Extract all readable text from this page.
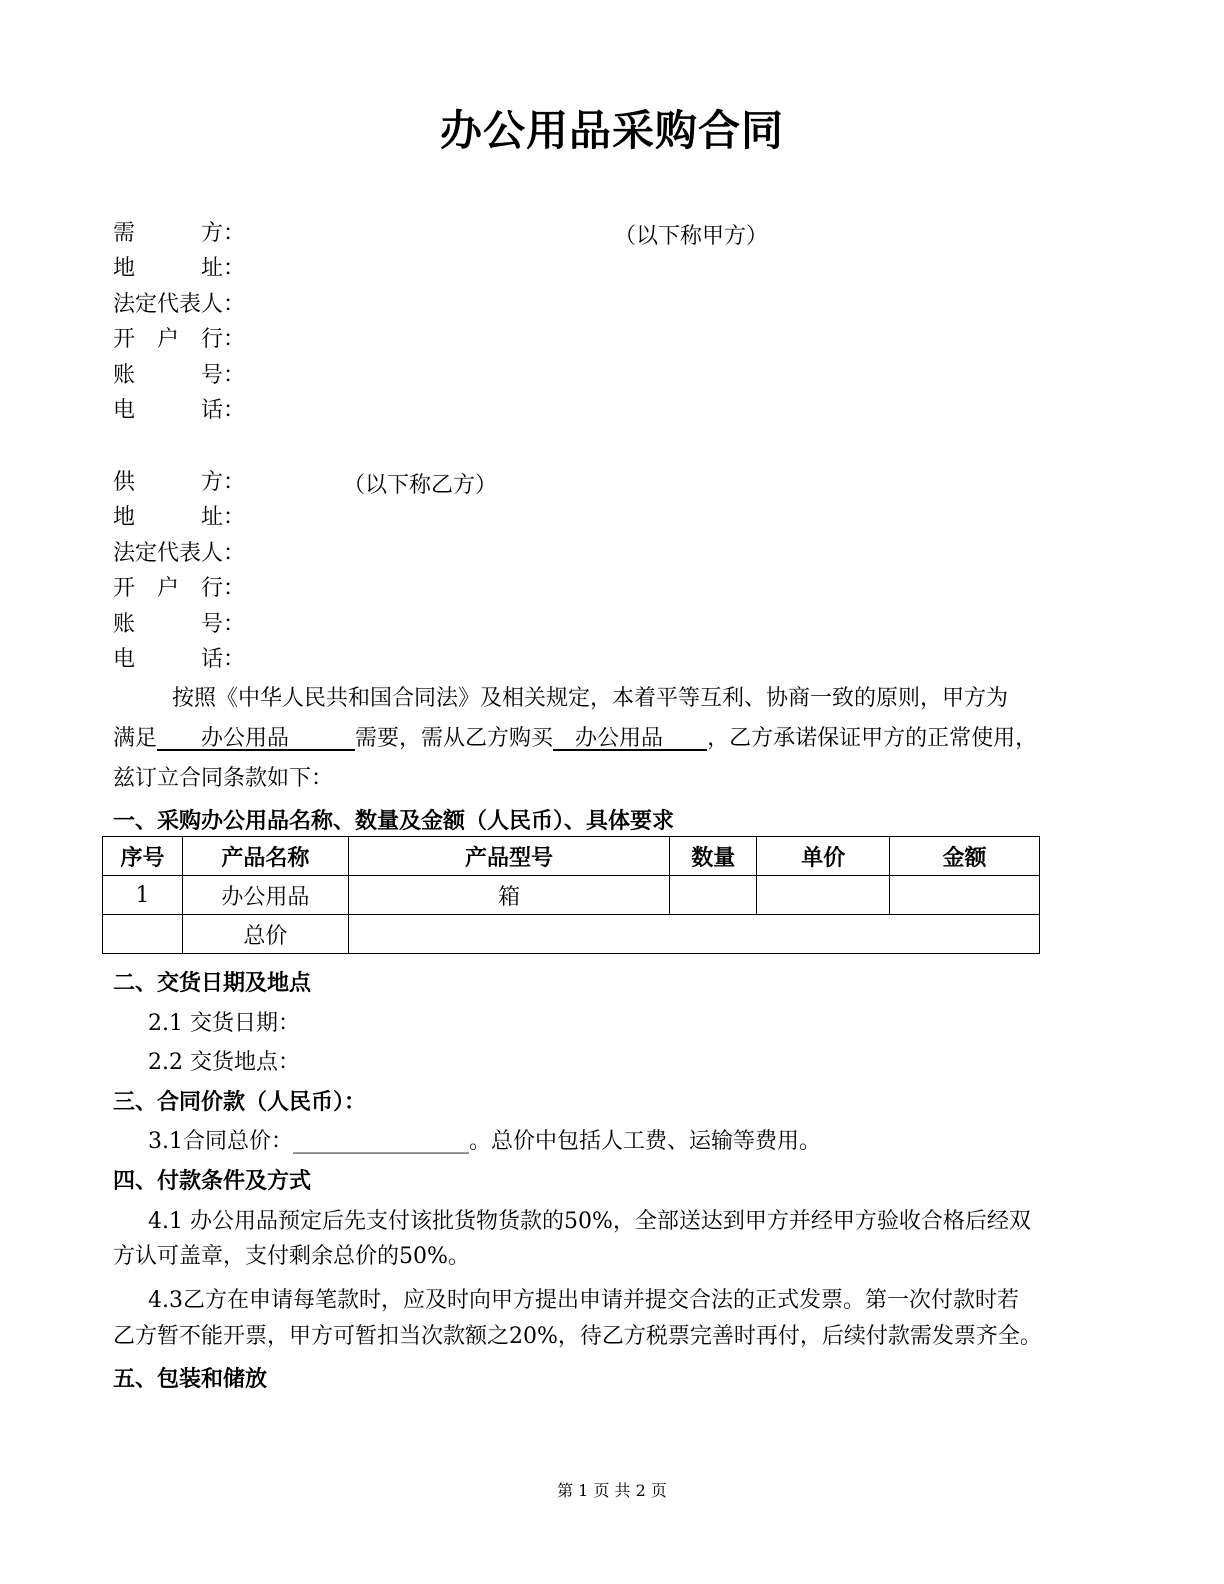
办公用品采购合同
需　　　方：	（以下称甲方）
地　　　址：
法定代表人：
开　户　行：
账　　　号：
电　　　话：
供　　　方：	（以下称乙方）
地　　　址：
法定代表人：
开　户　行：
账　　　号：
电　　　话：
按照《中华人民共和国合同法》及相关规定，本着平等互利、协商一致的原则，甲方为
满足　　办公用品　　　需要，需从乙方购买　办公用品　　，乙方承诺保证甲方的正常使用，
兹订立合同条款如下：
一、采购办公用品名称、数量及金额（人民币）、具体要求
序号	产品名称	产品型号	数量	单价	金额
1	办公用品	箱			
	总价				
二、交货日期及地点
2.1 交货日期：
2.2 交货地点：
三、合同价款（人民币）：
3.1合同总价：________________。总价中包括人工费、运输等费用。
四、付款条件及方式
4.1 办公用品预定后先支付该批货物货款的50%，全部送达到甲方并经甲方验收合格后经双
方认可盖章，支付剩余总价的50%。
4.3乙方在申请每笔款时，应及时向甲方提出申请并提交合法的正式发票。第一次付款时若
乙方暂不能开票，甲方可暂扣当次款额之20%，待乙方税票完善时再付，后续付款需发票齐全。
五、包装和储放
第 1 页 共 2 页
